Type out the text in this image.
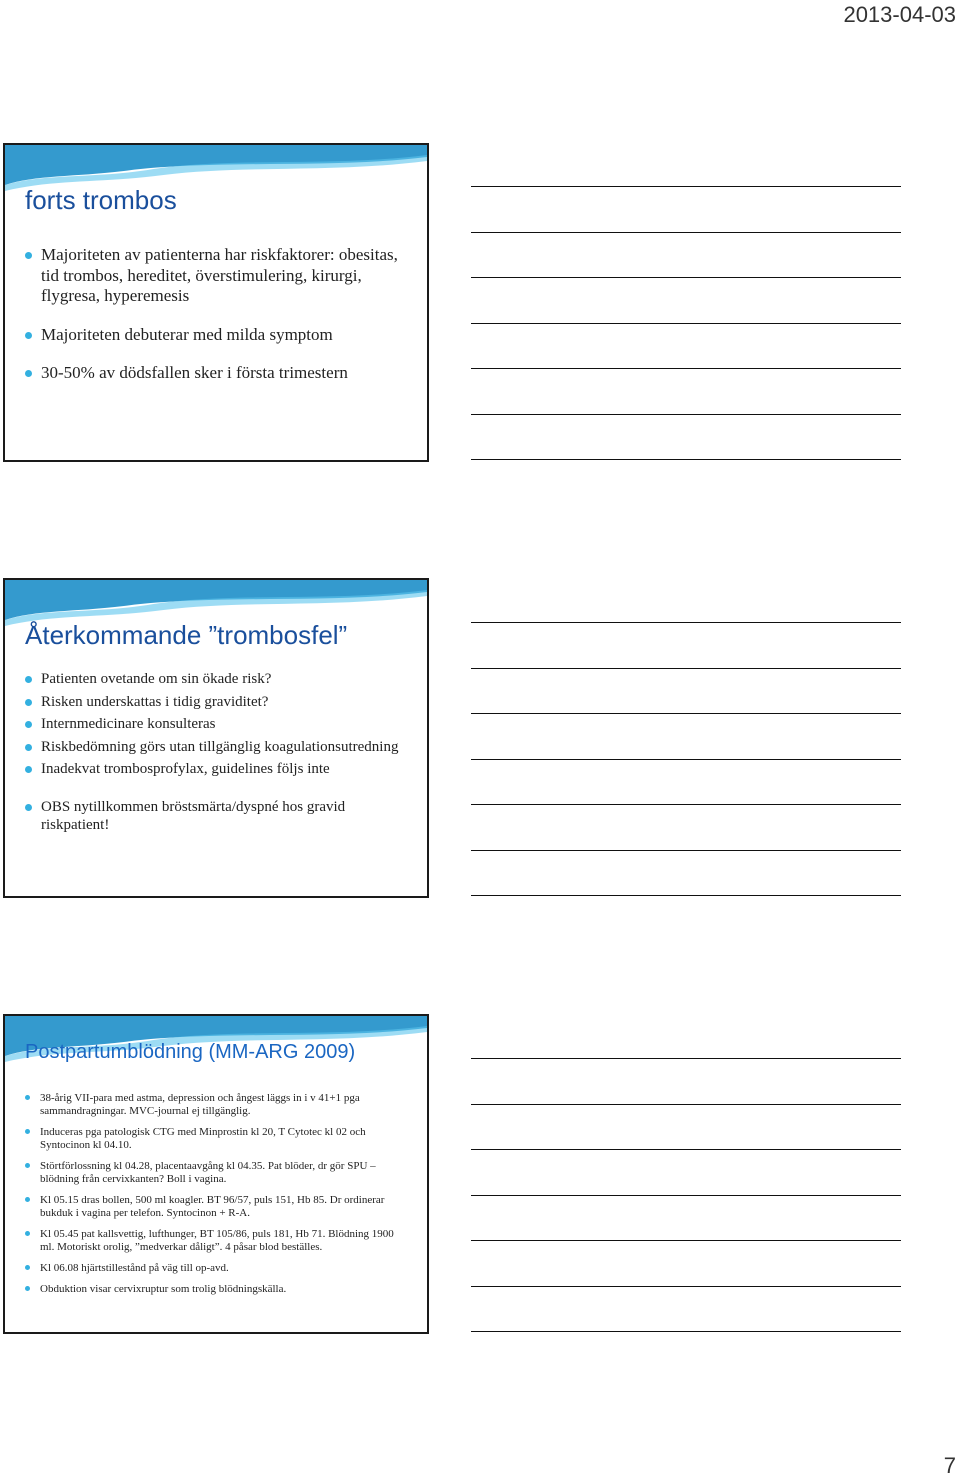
2013-04-03
forts trombos
Majoriteten av patienterna har riskfaktorer: obesitas, tid trombos, hereditet, överstimulering, kirurgi, flygresa, hyperemesis
Majoriteten debuterar med milda symptom
30-50% av dödsfallen sker i första trimestern
Återkommande ”trombosfel”
Patienten ovetande om sin ökade risk?
Risken underskattas i tidig graviditet?
Internmedicinare konsulteras
Riskbedömning görs utan tillgänglig koagulationsutredning
Inadekvat trombosprofylax, guidelines följs inte
OBS nytillkommen bröstsmärta/dyspné hos gravid riskpatient!
Postpartumblödning (MM-ARG 2009)
38-årig VII-para med astma, depression och ångest läggs in i v 41+1 pga sammandragningar. MVC-journal ej tillgänglig.
Induceras pga patologisk CTG med Minprostin kl 20, T Cytotec kl 02 och Syntocinon kl 04.10.
Störtförlossning kl 04.28, placentaavgång kl 04.35. Pat blöder, dr gör SPU – blödning från cervixkanten? Boll i vagina.
Kl 05.15 dras bollen, 500 ml koagler. BT 96/57, puls 151, Hb 85. Dr ordinerar bukduk i vagina per telefon. Syntocinon + R-A.
Kl 05.45 pat kallsvettig, lufthunger, BT 105/86, puls 181, Hb 71. Blödning 1900 ml. Motoriskt orolig, ”medverkar dåligt”. 4 påsar blod beställes.
Kl 06.08 hjärtstillestånd på väg till op-avd.
Obduktion visar cervixruptur som trolig blödningskälla.
7
